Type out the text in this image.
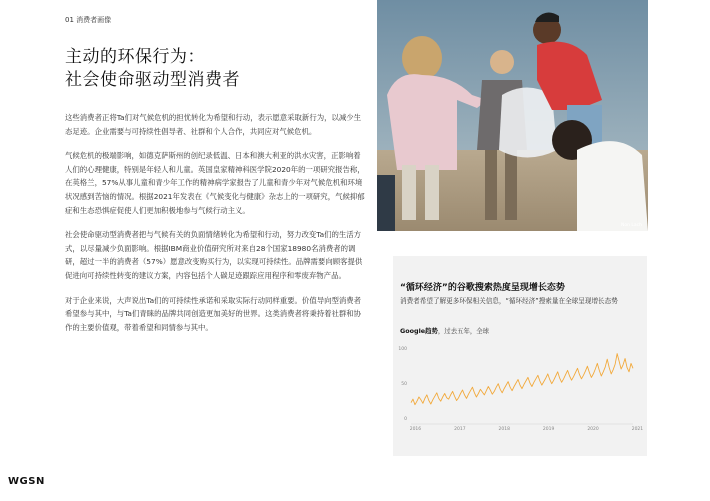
01 消费者画像
主动的环保行为：
社会使命驱动型消费者

这些消费者正将Ta们对气候危机的担忧转化为希望和行动，表示愿意采取新行为，以减少生态足迹。企业需要与可持续性倡导者、社群和个人合作，共同应对气候危机。

气候危机的极端影响，如德克萨斯州的创纪录低温、日本和澳大利亚的洪水灾害，正影响着人们的心理健康，特别是年轻人和儿童。英国皇家精神科医学院2020年的一项研究报告称，在英格兰，57%从事儿童和青少年工作的精神病学家报告了儿童和青少年对气候危机和环境状况感到苦恼的情况。根据2021年发表在《气候变化与健康》杂志上的一项研究，气候抑郁症和生态恐惧症促使人们更加积极地参与气候行动主义。

社会使命驱动型消费者把与气候有关的负面情绪转化为希望和行动，努力改变Ta们的生活方式，以尽量减少负面影响。根据IBM商业价值研究所对来自28个国家18980名消费者的调研，超过一半的消费者（57%）愿意改变购买行为，以实现可持续性。品牌需要向顾客提供促进向可持续性转变的建议方案，内容包括个人碳足迹跟踪应用程序和零废弃物产品。

对于企业来说，大声说出Ta们的可持续性承诺和采取实际行动同样重要。价值导向型消费者希望参与其中，与Ta们青睐的品牌共同创造更加美好的世界。这类消费者将秉持着社群和协作的主要价值观，带着希望和同情参与其中。

Non Lach
“循环经济”的谷歌搜索热度呈现增长态势
消费者希望了解更多环保相关信息，“循环经济”搜索量在全球呈现增长态势
Google趋势，过去五年，全球
100
50
0
2016	2017	2018	2019	2020	2021
WGSN
